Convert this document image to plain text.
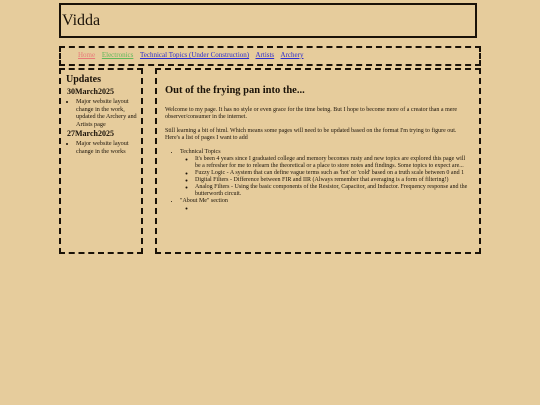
Vidda
Home Electronics Technical Topics (Under Construction) Artists Archery
Updates
30March2025
• Major website layout change in the work, updated the Archery and Artists page
27March2025
• Major website layout change in the works
Out of the frying pan into the...

Welcome to my page. It has no style or even grace for the time being. But I hope to become more of a creator than a mere observer/consumer in the internet.

Still learning a bit of html. Which means some pages will need to be updated based on the format I'm trying to figure out. Here's a list of pages I want to add

• Technical Topics
◦ It's been 4 years since I graduated college and memory becomes rusty and new topics are explored this page will be a refresher for me to relearn the theoretical or a place to store notes and findings. Some topics to expect are...
◦ Fuzzy Logic - A system that can define vague terms such as 'hot' or 'cold' based on a truth scale between 0 and 1
◦ Digital Filters - Difference between FIR and IIR (Always remember that averaging is a form of filtering!)
◦ Analog Filters - Using the basic components of the Resistor, Capacitor, and Inductor. Frequency response and the butterworth circuit.
• "About Me" section
◦
